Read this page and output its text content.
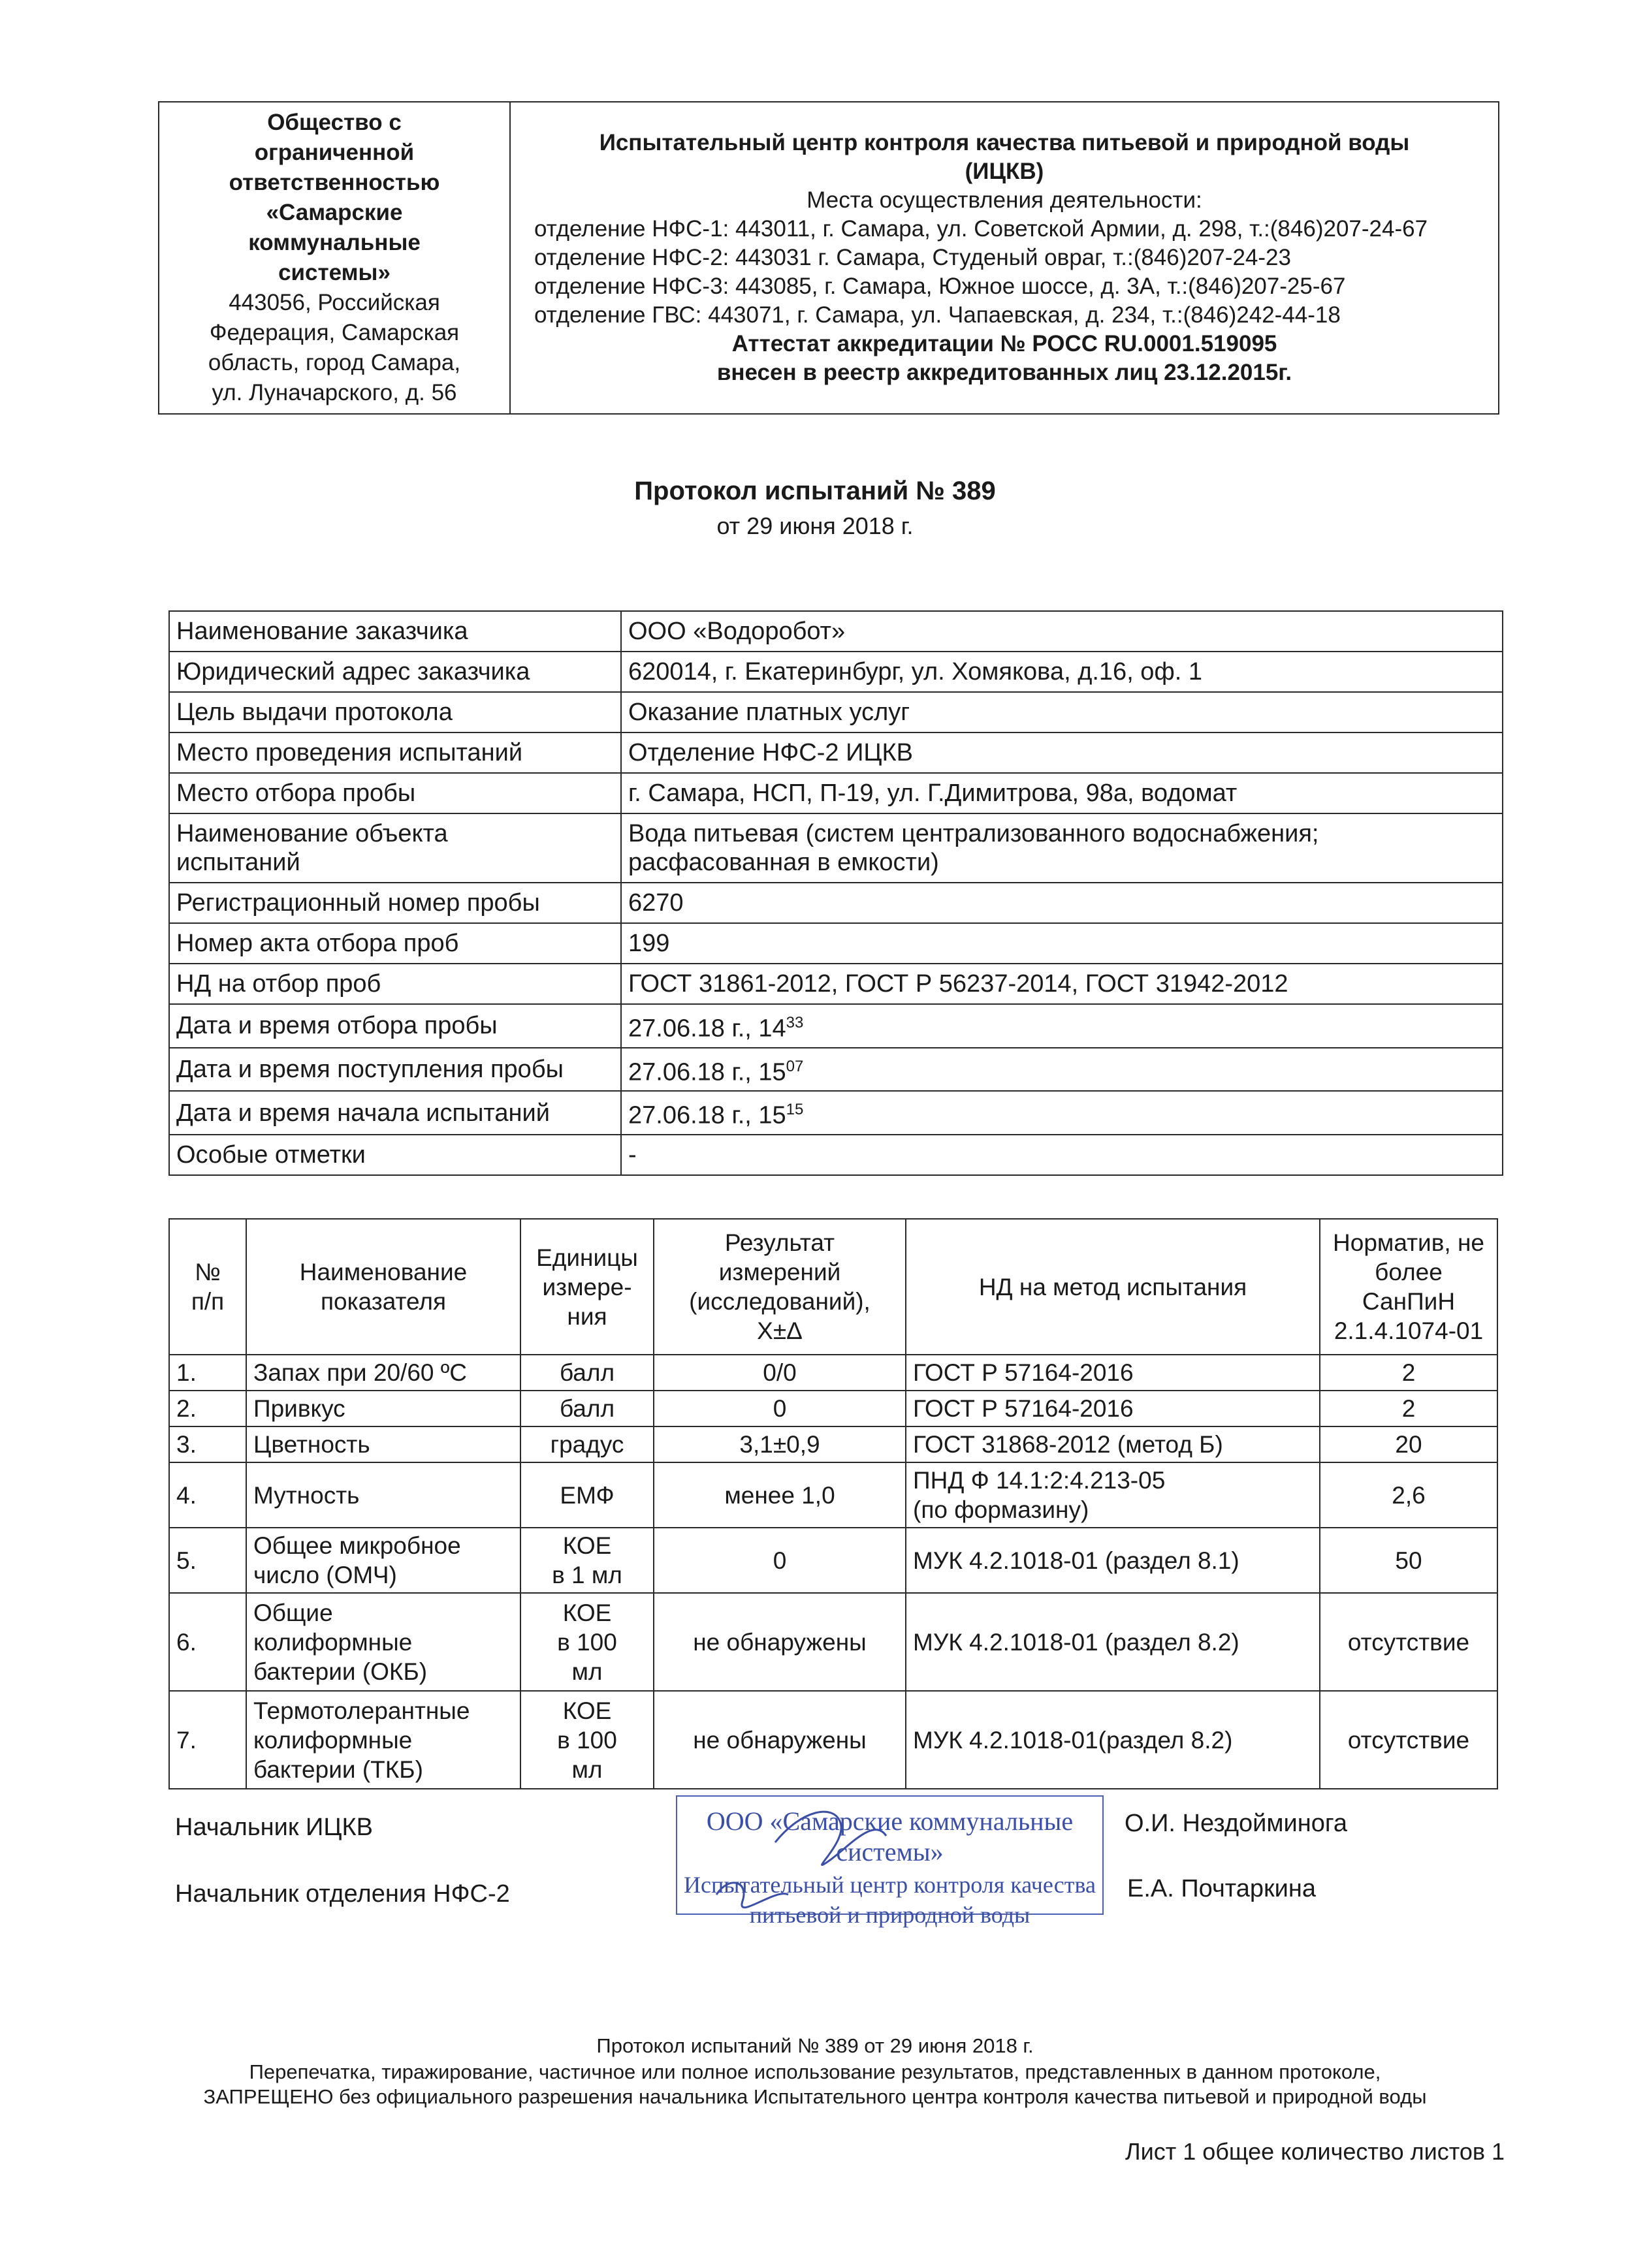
Общество с
ограниченной
ответственностью
«Самарские
коммунальные
системы»
443056, Российская
Федерация, Самарская
область, город Самара,
ул. Луначарского, д. 56	Испытательный центр контроля качества питьевой и природной воды
(ИЦКВ)
Места осуществления деятельности:
отделение НФС-1: 443011, г. Самара, ул. Советской Армии, д. 298, т.:(846)207-24-67
отделение НФС-2: 443031 г. Самара, Студеный овраг, т.:(846)207-24-23
отделение НФС-3: 443085, г. Самара, Южное шоссе, д. 3А, т.:(846)207-25-67
отделение ГВС: 443071, г. Самара, ул. Чапаевская, д. 234, т.:(846)242-44-18
Аттестат аккредитации № РОСС RU.0001.519095
внесен в реестр аккредитованных лиц 23.12.2015г.
Протокол испытаний № 389
от 29 июня 2018 г.
Наименование заказчика	ООО «Водоробот»
Юридический адрес заказчика	620014, г. Екатеринбург, ул. Хомякова, д.16, оф. 1
Цель выдачи протокола	Оказание платных услуг
Место проведения испытаний	Отделение НФС-2 ИЦКВ
Место отбора пробы	г. Самара, НСП, П-19, ул. Г.Димитрова, 98а, водомат
Наименование объекта
испытаний	Вода питьевая (систем централизованного водоснабжения;
расфасованная в емкости)
Регистрационный номер пробы	6270
Номер акта отбора проб	199
НД на отбор проб	ГОСТ 31861-2012, ГОСТ Р 56237-2014, ГОСТ 31942-2012
Дата и время отбора пробы	27.06.18 г., $14^{33}$
Дата и время поступления пробы	27.06.18 г., $15^{07}$
Дата и время начала испытаний	27.06.18 г., $15^{15}$
Особые отметки	-
№
п/п	Наименование
показателя	Единицы
измере-
ния	Результат
измерений
(исследований),
X±Δ	НД на метод испытания	Норматив, не
более
СанПиН
2.1.4.1074-01
1.	Запах при 20/60 ºС	балл	0/0	ГОСТ Р 57164-2016	2
2.	Привкус	балл	0	ГОСТ Р 57164-2016	2
3.	Цветность	градус	3,1±0,9	ГОСТ 31868-2012 (метод Б)	20
4.	Мутность	ЕМФ	менее 1,0	ПНД Ф 14.1:2:4.213-05
(по формазину)	2,6
5.	Общее микробное
число (ОМЧ)	КОЕ
в 1 мл	0	МУК 4.2.1018-01 (раздел 8.1)	50
6.	Общие
колиформные
бактерии (ОКБ)	КОЕ
в 100
мл	не обнаружены	МУК 4.2.1018-01 (раздел 8.2)	отсутствие
7.	Термотолерантные
колиформные
бактерии (ТКБ)	КОЕ
в 100
мл	не обнаружены	МУК 4.2.1018-01(раздел 8.2)	отсутствие
Начальник ИЦКВ	О.И. Нездойминога
Начальник отделения НФС-2	Е.А. Почтаркина
ООО «Самарские коммунальные системы»
Испытательный центр контроля качества
питьевой и природной воды
Протокол испытаний № 389 от 29 июня 2018 г.
Перепечатка, тиражирование, частичное или полное использование результатов, представленных в данном протоколе,
ЗАПРЕЩЕНО без официального разрешения начальника Испытательного центра контроля качества питьевой и природной воды
Лист 1 общее количество листов 1
